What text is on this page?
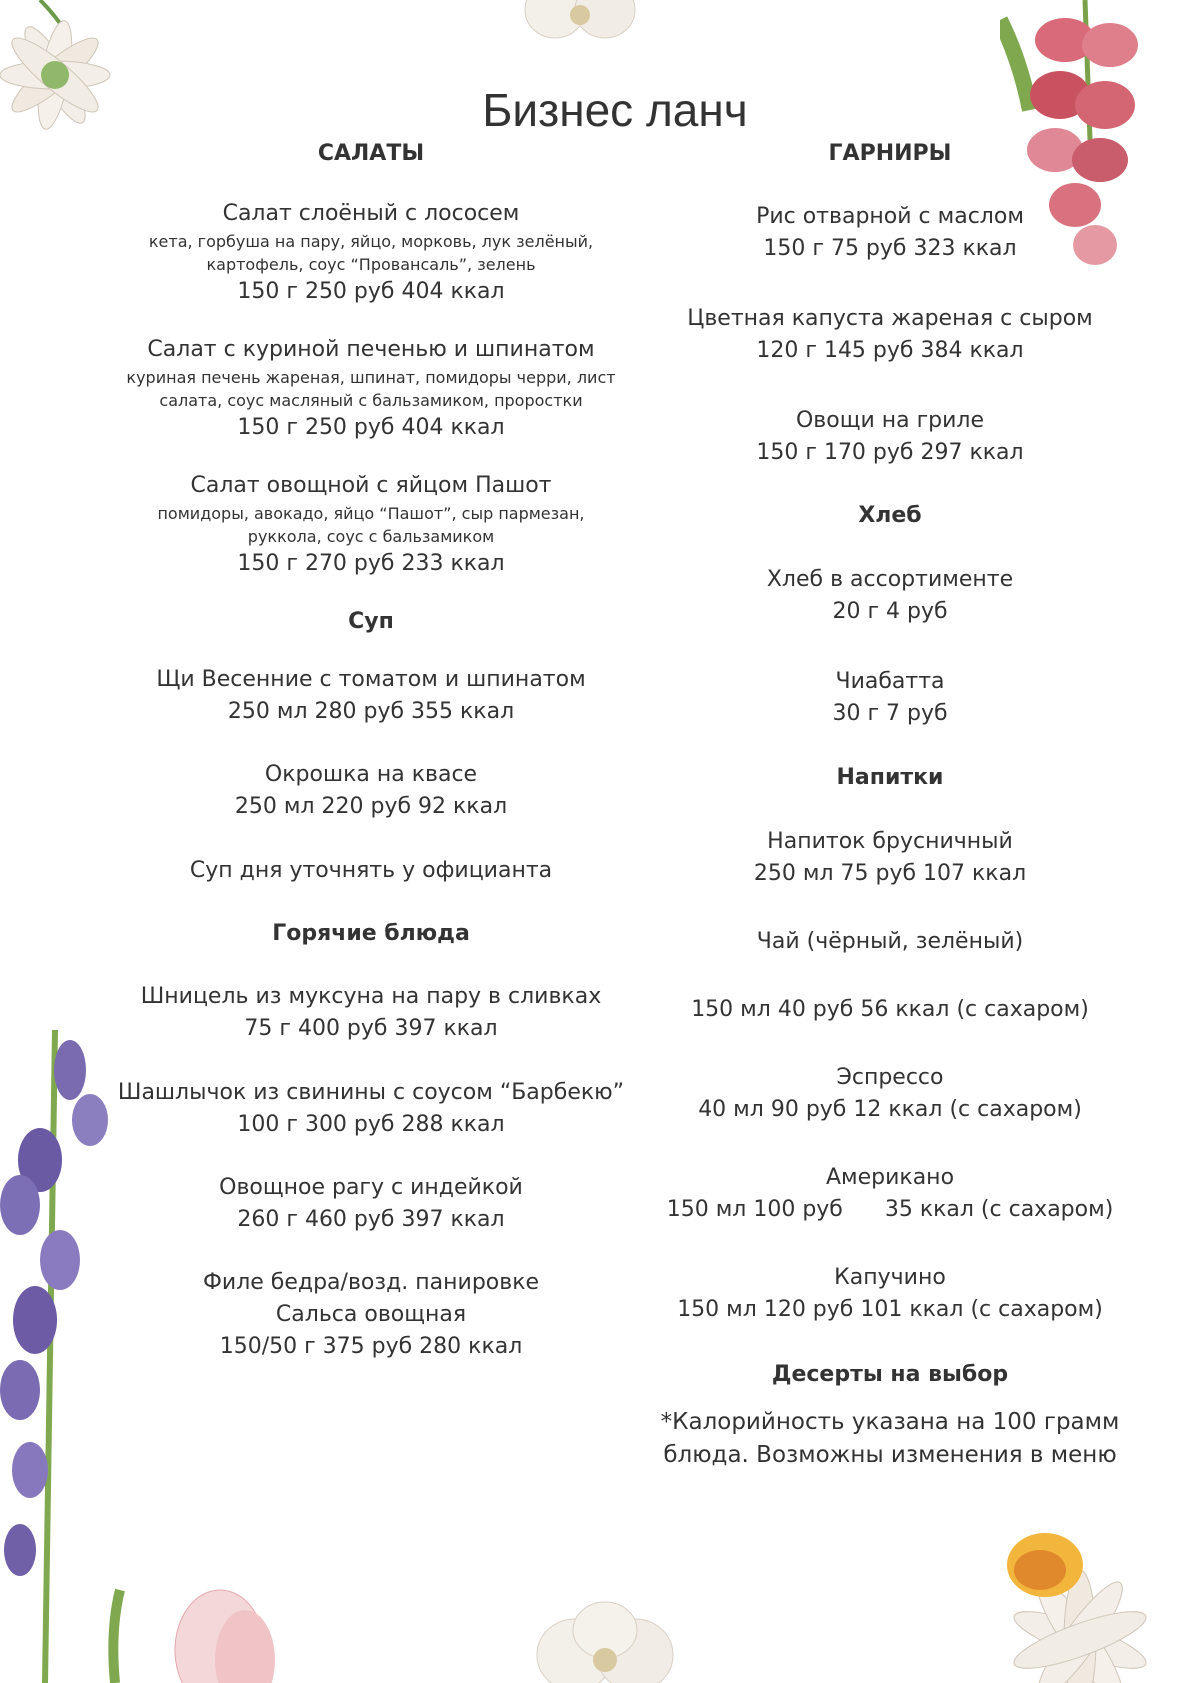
Бизнес ланч
САЛАТЫ
Салат слоёный с лососем
кета, горбуша на пару, яйцо, морковь, лук зелёный,
картофель, соус “Провансаль”, зелень
150 г 250 руб 404 ккал
Салат с куриной печенью и шпинатом
куриная печень жареная, шпинат, помидоры черри, лист
салата, соус масляный с бальзамиком, проростки
150 г 250 руб 404 ккал
Салат овощной с яйцом Пашот
помидоры, авокадо, яйцо “Пашот”, сыр пармезан,
руккола, соус с бальзамиком
150 г 270 руб 233 ккал
Суп
Щи Весенние с томатом и шпинатом
250 мл 280 руб 355 ккал
Окрошка на квасе
250 мл 220 руб 92 ккал
Суп дня уточнять у официанта
Горячие блюда
Шницель из муксуна на пару в сливках
75 г 400 руб 397 ккал
Шашлычок из свинины с соусом “Барбекю”
100 г 300 руб 288 ккал
Овощное рагу с индейкой
260 г 460 руб 397 ккал
Филе бедра/возд. панировке
Сальса овощная
150/50 г 375 руб 280 ккал
ГАРНИРЫ
Рис отварной с маслом
150 г 75 руб 323 ккал
Цветная капуста жареная с сыром
120 г 145 руб 384 ккал
Овощи на гриле
150 г 170 руб 297 ккал
Хлеб
Хлеб в ассортименте
20 г 4 руб
Чиабатта
30 г 7 руб
Напитки
Напиток брусничный
250 мл 75 руб 107 ккал
Чай (чёрный, зелёный)
150 мл 40 руб 56 ккал (с сахаром)
Эспрессо
40 мл 90 руб 12 ккал (с сахаром)
Американо
150 мл 100 руб      35 ккал (с сахаром)
Капучино
150 мл 120 руб 101 ккал (с сахаром)
Десерты на выбор
*Калорийность указана на 100 грамм
блюда. Возможны изменения в меню
